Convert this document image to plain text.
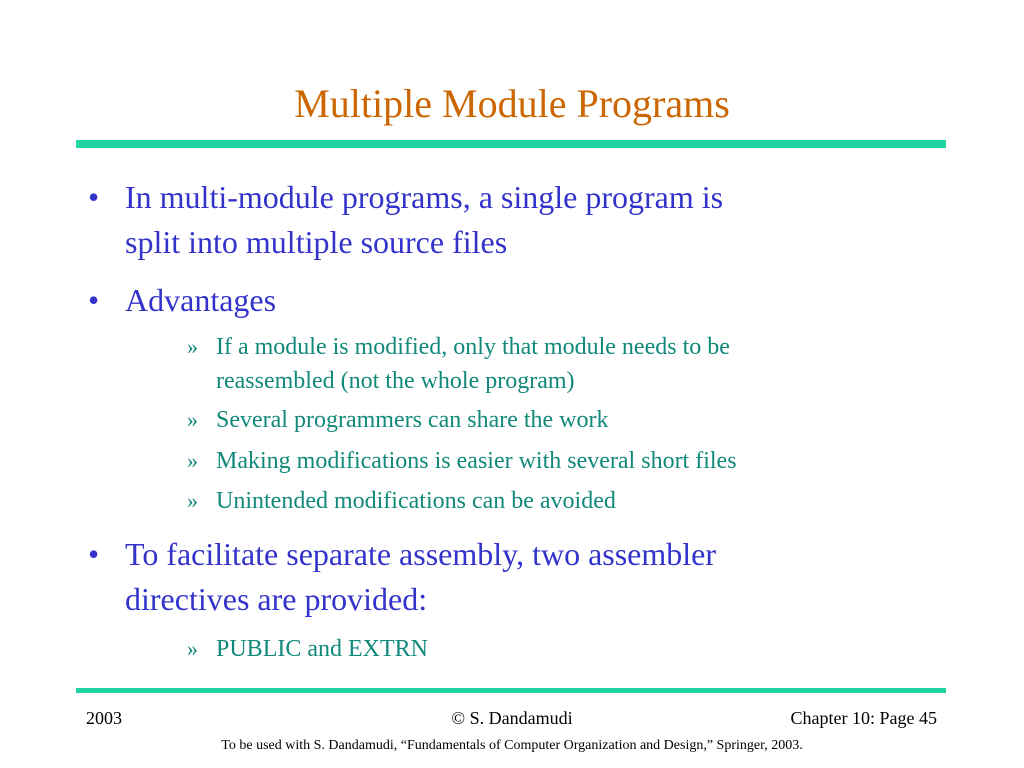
Multiple Module Programs
• In multi-module programs, a single program is
split into multiple source files
• Advantages
» If a module is modified, only that module needs to be
reassembled (not the whole program)
» Several programmers can share the work
» Making modifications is easier with several short files
» Unintended modifications can be avoided
• To facilitate separate assembly, two assembler
directives are provided:
» PUBLIC and EXTRN
2003	© S. Dandamudi	Chapter 10: Page 45
To be used with S. Dandamudi, “Fundamentals of Computer Organization and Design,” Springer, 2003.
